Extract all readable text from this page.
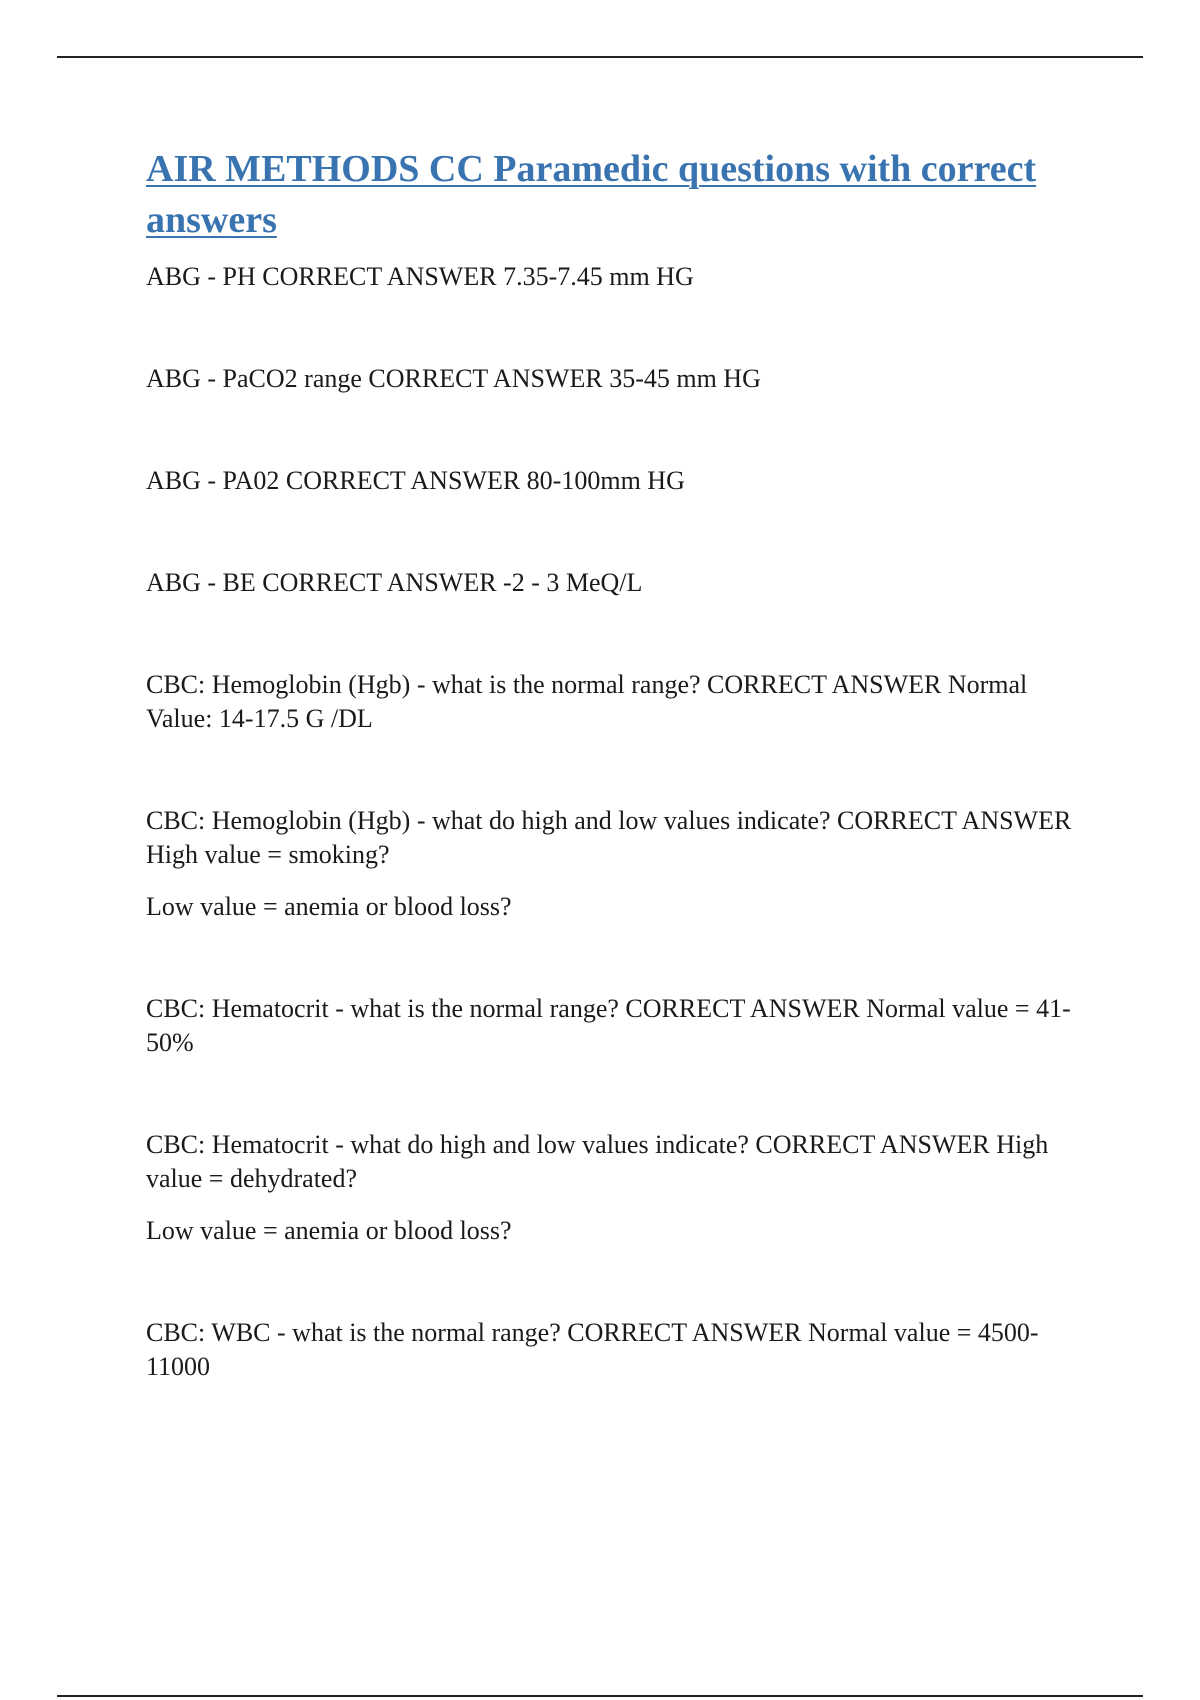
AIR METHODS CC Paramedic questions with correct answers

ABG - PH CORRECT ANSWER 7.35-7.45 mm HG

ABG - PaCO2 range CORRECT ANSWER 35-45 mm HG

ABG - PA02 CORRECT ANSWER 80-100mm HG

ABG - BE CORRECT ANSWER -2 - 3 MeQ/L

CBC: Hemoglobin (Hgb) - what is the normal range? CORRECT ANSWER Normal Value: 14-17.5 G /DL

CBC: Hemoglobin (Hgb) - what do high and low values indicate? CORRECT ANSWER High value = smoking?
Low value = anemia or blood loss?

CBC: Hematocrit - what is the normal range? CORRECT ANSWER Normal value = 41-50%

CBC: Hematocrit - what do high and low values indicate? CORRECT ANSWER High value = dehydrated?
Low value = anemia or blood loss?

CBC: WBC - what is the normal range? CORRECT ANSWER Normal value = 4500-11000
